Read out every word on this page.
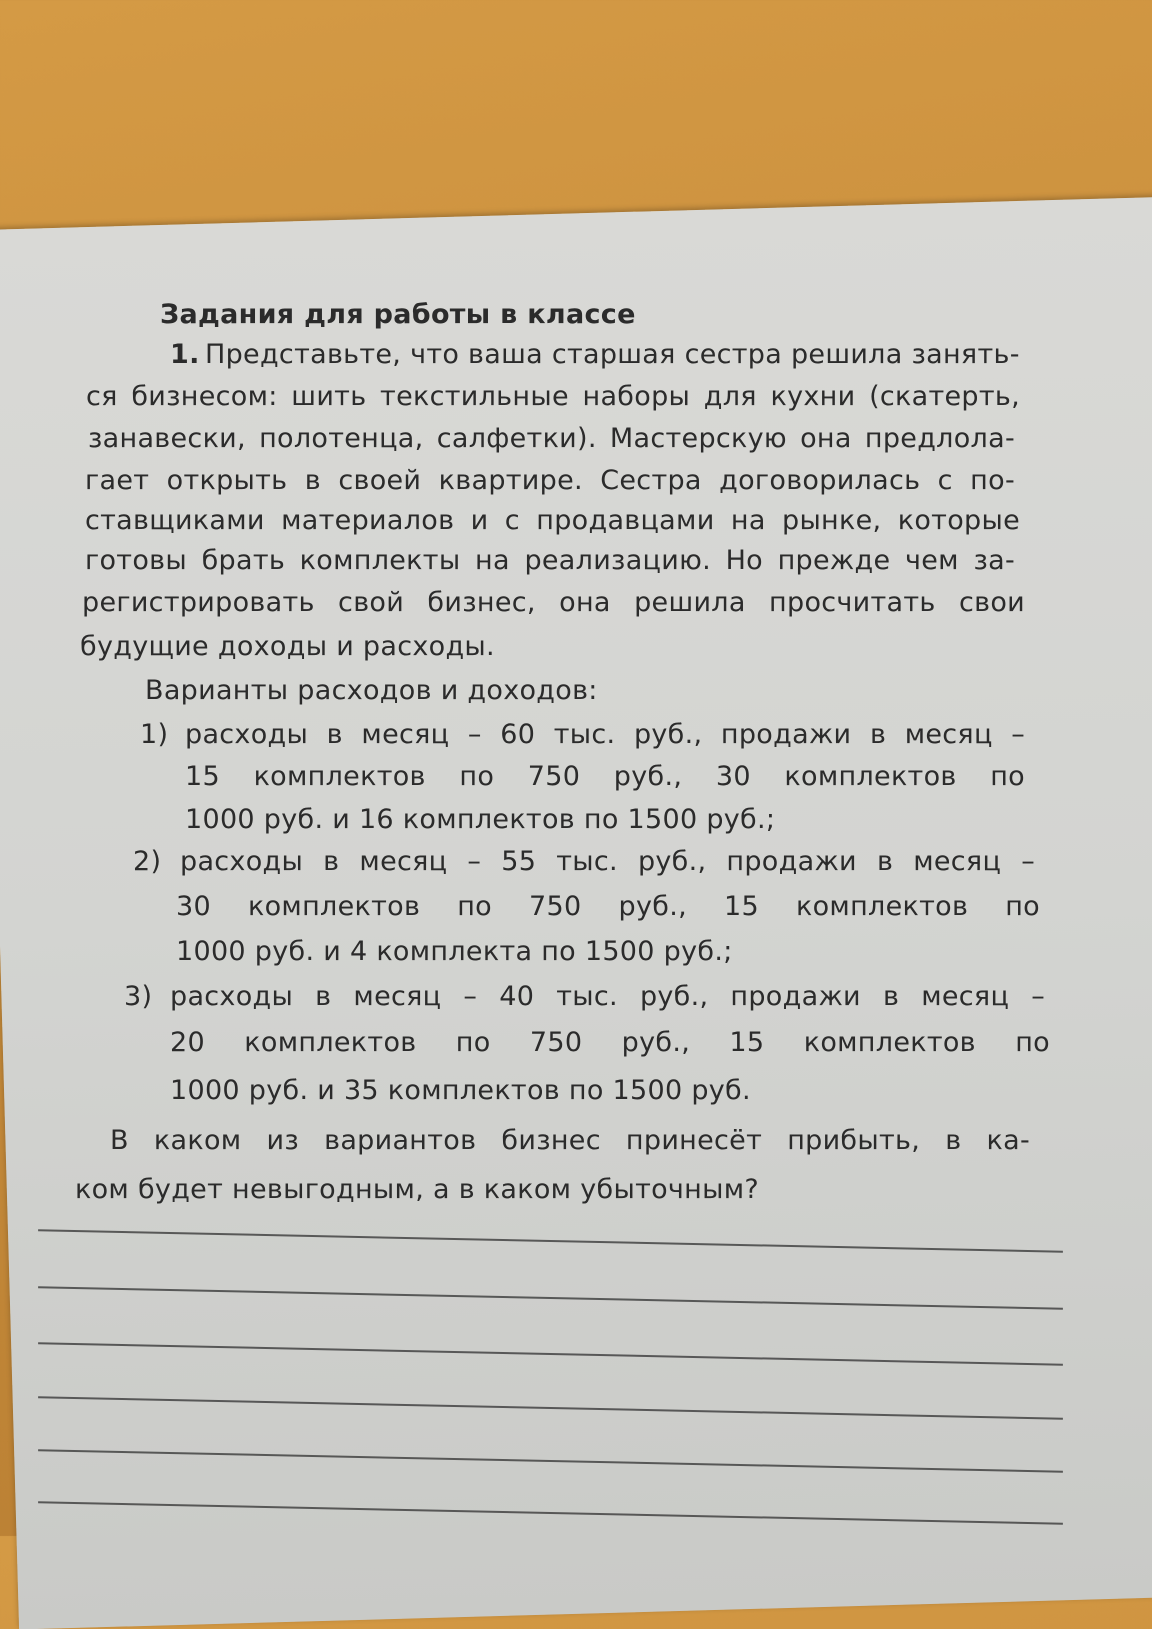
Задания для работы в классе
1. Представьте, что ваша старшая сестра решила занять-
ся бизнесом: шить текстильные наборы для кухни (скатерть,
занавески, полотенца, салфетки). Мастерскую она предлола-
гает открыть в своей квартире. Сестра договорилась с по-
ставщиками материалов и с продавцами на рынке, которые
готовы брать комплекты на реализацию. Но прежде чем за-
регистрировать свой бизнес, она решила просчитать свои
будущие доходы и расходы.
Варианты расходов и доходов:
1) расходы в месяц – 60 тыс. руб., продажи в месяц –
15 комплектов по 750 руб., 30 комплектов по
1000 руб. и 16 комплектов по 1500 руб.;
2) расходы в месяц – 55 тыс. руб., продажи в месяц –
30 комплектов по 750 руб., 15 комплектов по
1000 руб. и 4 комплекта по 1500 руб.;
3) расходы в месяц – 40 тыс. руб., продажи в месяц –
20 комплектов по 750 руб., 15 комплектов по
1000 руб. и 35 комплектов по 1500 руб.
В каком из вариантов бизнес принесёт прибыть, в ка-
ком будет невыгодным, а в каком убыточным?
